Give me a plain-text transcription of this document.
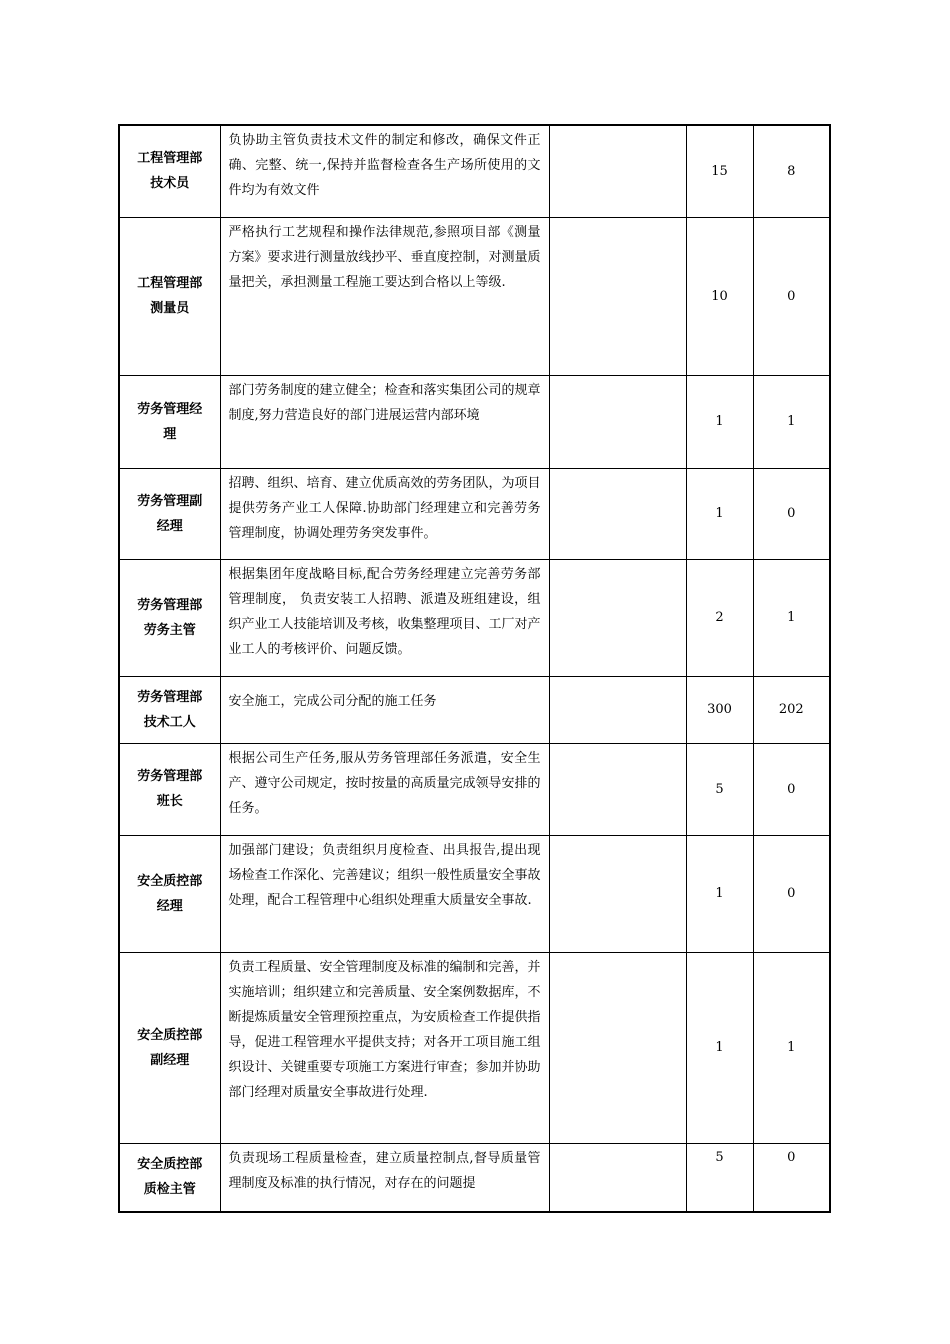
工程管理部
技术员	负协助主管负责技术文件的制定和修改，确保文件正确、完整、统一,保持并监督检查各生产场所使用的文件均为有效文件		15	8

工程管理部
测量员	严格执行工艺规程和操作法律规范,参照项目部《测量方案》要求进行测量放线抄平、垂直度控制，对测量质量把关，承担测量工程施工要达到合格以上等级.		10	0

劳务管理经
理	部门劳务制度的建立健全；检查和落实集团公司的规章制度,努力营造良好的部门进展运营内部环境		1	1

劳务管理副
经理	招聘、组织、培育、建立优质高效的劳务团队，为项目提供劳务产业工人保障.协助部门经理建立和完善劳务管理制度，协调处理劳务突发事件。		1	0

劳务管理部
劳务主管	根据集团年度战略目标,配合劳务经理建立完善劳务部管理制度， 负责安装工人招聘、派遣及班组建设，组织产业工人技能培训及考核，收集整理项目、工厂对产业工人的考核评价、问题反馈。		2	1

劳务管理部
技术工人	安全施工，完成公司分配的施工任务		300	202

劳务管理部
班长	根据公司生产任务,服从劳务管理部任务派遣，安全生产、遵守公司规定，按时按量的高质量完成领导安排的任务。		5	0

安全质控部
经理	加强部门建设；负责组织月度检查、出具报告,提出现场检查工作深化、完善建议；组织一般性质量安全事故处理，配合工程管理中心组织处理重大质量安全事故.		1	0

安全质控部
副经理	负责工程质量、安全管理制度及标准的编制和完善，并实施培训；组织建立和完善质量、安全案例数据库，不断提炼质量安全管理预控重点，为安质检查工作提供指导，促进工程管理水平提供支持；对各开工项目施工组织设计、关键重要专项施工方案进行审查；参加并协助部门经理对质量安全事故进行处理.		1	1

安全质控部
质检主管	负责现场工程质量检查，建立质量控制点,督导质量管理制度及标准的执行情况，对存在的问题提		5	0
